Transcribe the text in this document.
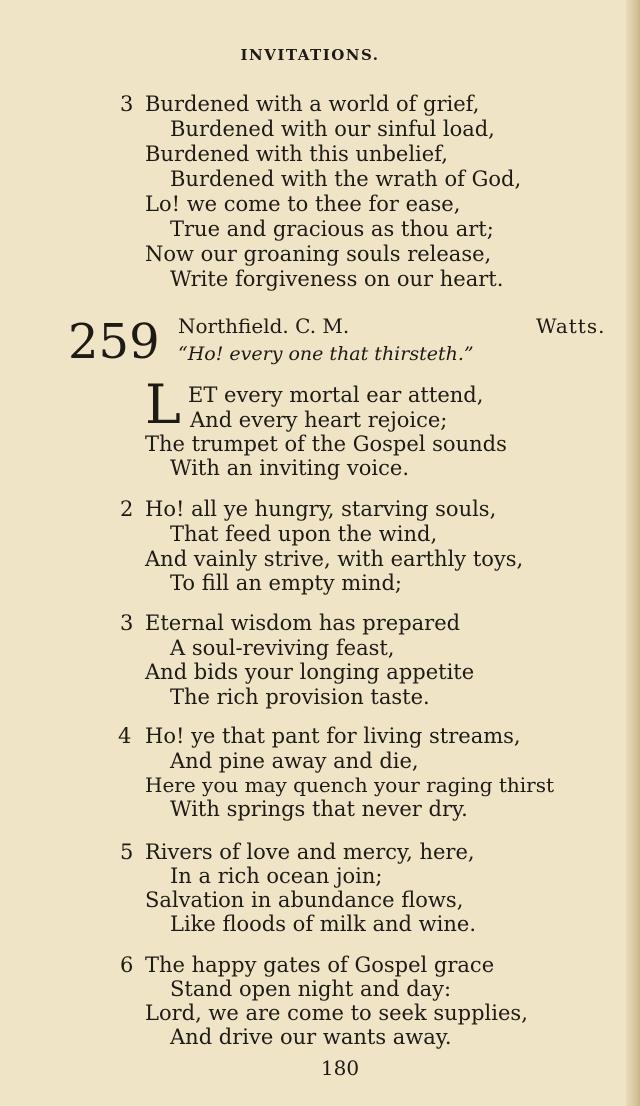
INVITATIONS.
3 Burdened with a world of grief,
Burdened with our sinful load,
Burdened with this unbelief,
Burdened with the wrath of God,
Lo! we come to thee for ease,
True and gracious as thou art;
Now our groaning souls release,
Write forgiveness on our heart.
259 Northfield. C. M.	Watts.
“Ho! every one that thirsteth.”
L ET every mortal ear attend,
And every heart rejoice;
The trumpet of the Gospel sounds
With an inviting voice.
2 Ho! all ye hungry, starving souls,
That feed upon the wind,
And vainly strive, with earthly toys,
To fill an empty mind;
3 Eternal wisdom has prepared
A soul-reviving feast,
And bids your longing appetite
The rich provision taste.
4 Ho! ye that pant for living streams,
And pine away and die,
Here you may quench your raging thirst
With springs that never dry.
5 Rivers of love and mercy, here,
In a rich ocean join;
Salvation in abundance flows,
Like floods of milk and wine.
6 The happy gates of Gospel grace
Stand open night and day:
Lord, we are come to seek supplies,
And drive our wants away.
180
